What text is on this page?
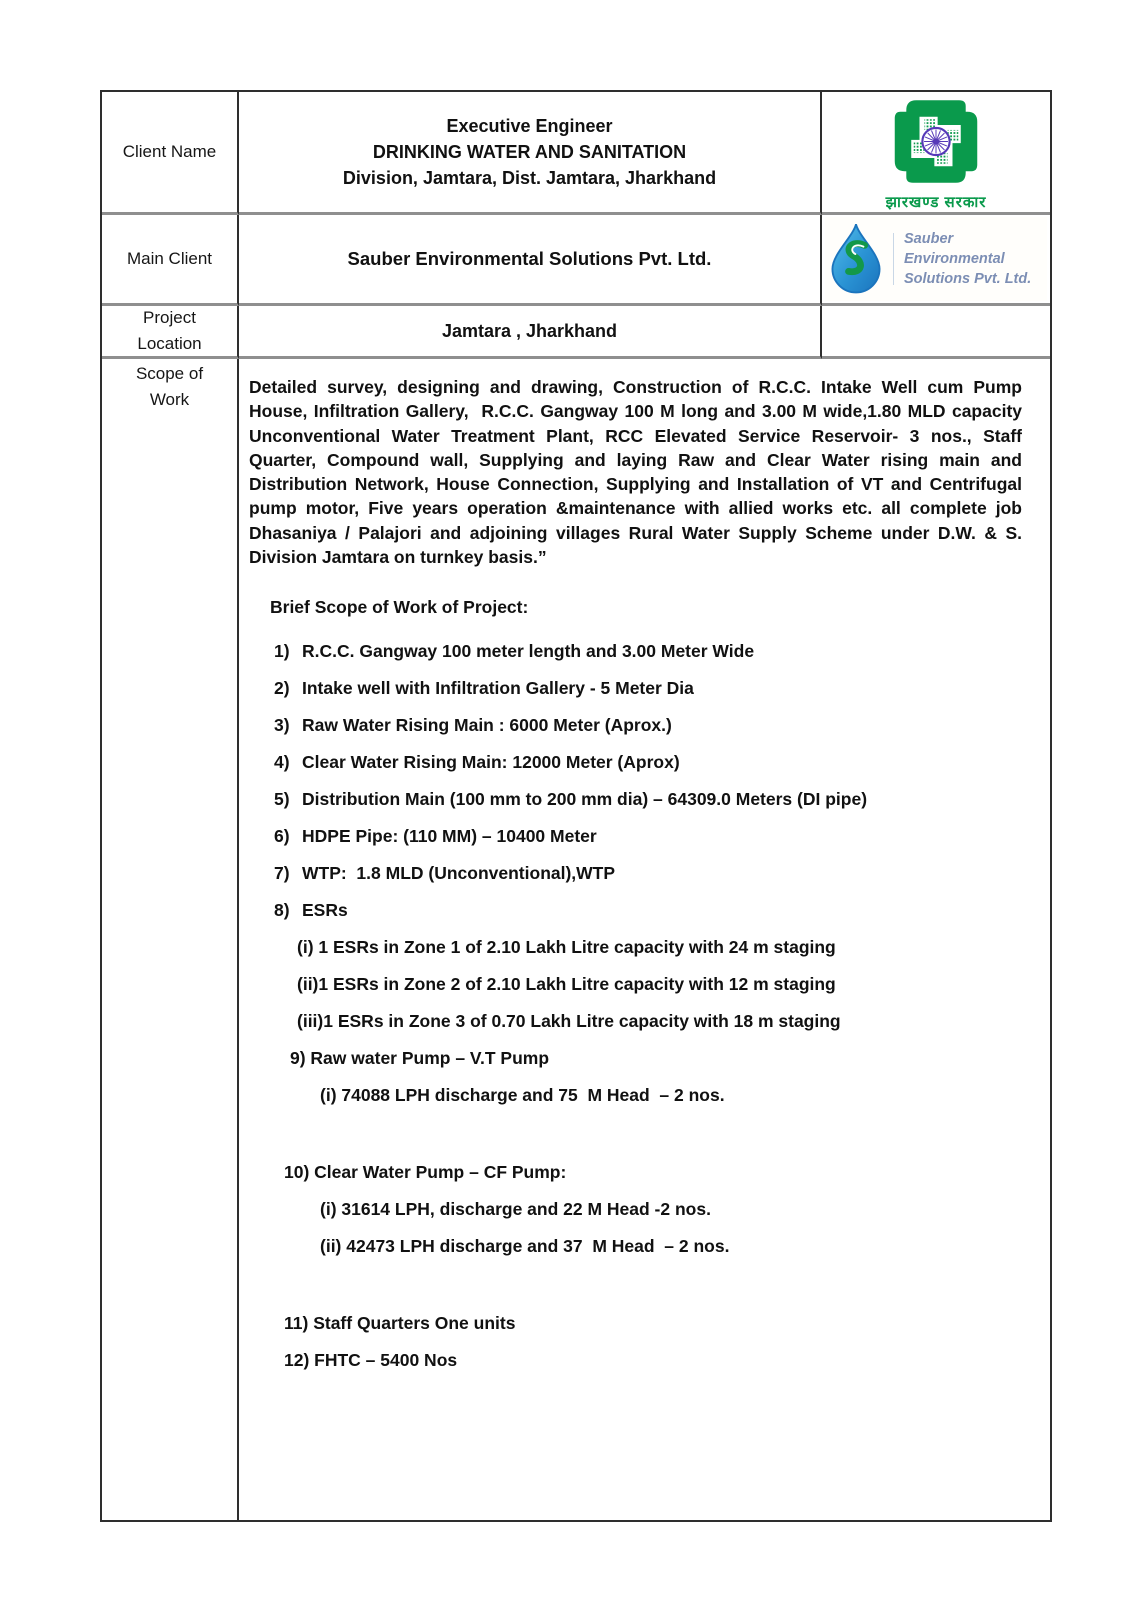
Client Name
Executive Engineer
DRINKING WATER AND SANITATION
Division, Jamtara, Dist. Jamtara, Jharkhand
झारखण्ड सरकार
Main Client	Sauber Environmental Solutions Pvt. Ltd.
Sauber
Environmental
Solutions Pvt. Ltd.
Project Location
Jamtara , Jharkhand
Scope of Work

Detailed survey, designing and drawing, Construction of R.C.C. Intake Well cum Pump House, Infiltration Gallery,  R.C.C. Gangway 100 M long and 3.00 M wide,1.80 MLD capacity Unconventional Water Treatment Plant, RCC Elevated Service Reservoir- 3 nos., Staff Quarter, Compound wall, Supplying and laying Raw and Clear Water rising main and Distribution Network, House Connection, Supplying and Installation of VT and Centrifugal pump motor, Five years operation &maintenance with allied works etc. all complete job Dhasaniya / Palajori and adjoining villages Rural Water Supply Scheme under D.W. & S. Division Jamtara on turnkey basis.”

Brief Scope of Work of Project:
1) R.C.C. Gangway 100 meter length and 3.00 Meter Wide
2) Intake well with Infiltration Gallery - 5 Meter Dia
3) Raw Water Rising Main : 6000 Meter (Aprox.)
4) Clear Water Rising Main: 12000 Meter (Aprox)
5) Distribution Main (100 mm to 200 mm dia) – 64309.0 Meters (DI pipe)
6) HDPE Pipe: (110 MM) – 10400 Meter
7) WTP:  1.8 MLD (Unconventional),WTP
8) ESRs
(i) 1 ESRs in Zone 1 of 2.10 Lakh Litre capacity with 24 m staging
(ii)1 ESRs in Zone 2 of 2.10 Lakh Litre capacity with 12 m staging
(iii)1 ESRs in Zone 3 of 0.70 Lakh Litre capacity with 18 m staging
9) Raw water Pump – V.T Pump
(i) 74088 LPH discharge and 75  M Head  – 2 nos.
10) Clear Water Pump – CF Pump:
(i) 31614 LPH, discharge and 22 M Head -2 nos.
(ii) 42473 LPH discharge and 37  M Head  – 2 nos.
11) Staff Quarters One units
12) FHTC – 5400 Nos
